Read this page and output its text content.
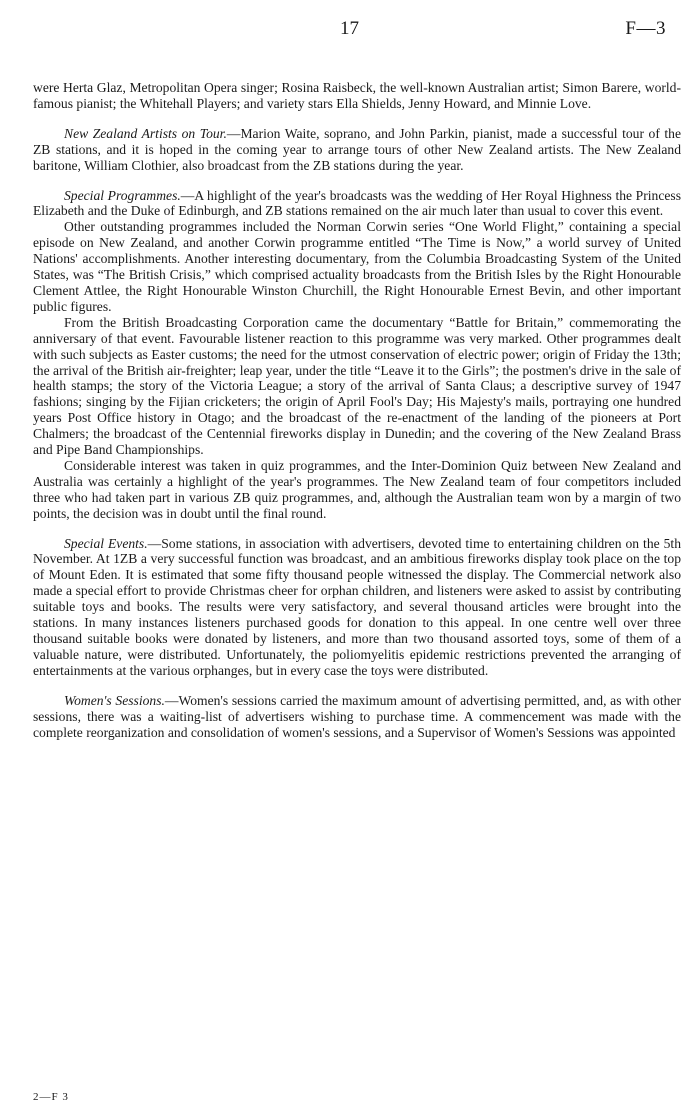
17	F—3

were Herta Glaz, Metropolitan Opera singer; Rosina Raisbeck, the well-known Australian artist; Simon Barere, world-famous pianist; the Whitehall Players; and variety stars Ella Shields, Jenny Howard, and Minnie Love.

New Zealand Artists on Tour.—Marion Waite, soprano, and John Parkin, pianist, made a successful tour of the ZB stations, and it is hoped in the coming year to arrange tours of other New Zealand artists. The New Zealand baritone, William Clothier, also broadcast from the ZB stations during the year.

Special Programmes.—A highlight of the year's broadcasts was the wedding of Her Royal Highness the Princess Elizabeth and the Duke of Edinburgh, and ZB stations remained on the air much later than usual to cover this event.

Other outstanding programmes included the Norman Corwin series “One World Flight,” containing a special episode on New Zealand, and another Corwin programme entitled “The Time is Now,” a world survey of United Nations' accomplishments. Another interesting documentary, from the Columbia Broadcasting System of the United States, was “The British Crisis,” which comprised actuality broadcasts from the British Isles by the Right Honourable Clement Attlee, the Right Honourable Winston Churchill, the Right Honourable Ernest Bevin, and other important public figures.

From the British Broadcasting Corporation came the documentary “Battle for Britain,” commemorating the anniversary of that event. Favourable listener reaction to this programme was very marked. Other programmes dealt with such subjects as Easter customs; the need for the utmost conservation of electric power; origin of Friday the 13th; the arrival of the British air-freighter; leap year, under the title “Leave it to the Girls”; the postmen's drive in the sale of health stamps; the story of the Victoria League; a story of the arrival of Santa Claus; a descriptive survey of 1947 fashions; singing by the Fijian cricketers; the origin of April Fool's Day; His Majesty's mails, portraying one hundred years Post Office history in Otago; and the broadcast of the re-enactment of the landing of the pioneers at Port Chalmers; the broadcast of the Centennial fireworks display in Dunedin; and the covering of the New Zealand Brass and Pipe Band Championships.

Considerable interest was taken in quiz programmes, and the Inter-Dominion Quiz between New Zealand and Australia was certainly a highlight of the year's programmes. The New Zealand team of four competitors included three who had taken part in various ZB quiz programmes, and, although the Australian team won by a margin of two points, the decision was in doubt until the final round.

Special Events.—Some stations, in association with advertisers, devoted time to entertaining children on the 5th November. At 1ZB a very successful function was broadcast, and an ambitious fireworks display took place on the top of Mount Eden. It is estimated that some fifty thousand people witnessed the display. The Commercial network also made a special effort to provide Christmas cheer for orphan children, and listeners were asked to assist by contributing suitable toys and books. The results were very satisfactory, and several thousand articles were brought into the stations. In many instances listeners purchased goods for donation to this appeal. In one centre well over three thousand suitable books were donated by listeners, and more than two thousand assorted toys, some of them of a valuable nature, were distributed. Unfortunately, the poliomyelitis epidemic restrictions prevented the arranging of entertainments at the various orphanges, but in every case the toys were distributed.

Women's Sessions.—Women's sessions carried the maximum amount of advertising permitted, and, as with other sessions, there was a waiting-list of advertisers wishing to purchase time. A commencement was made with the complete reorganization and consolidation of women's sessions, and a Supervisor of Women's Sessions was appointed

2—F 3
